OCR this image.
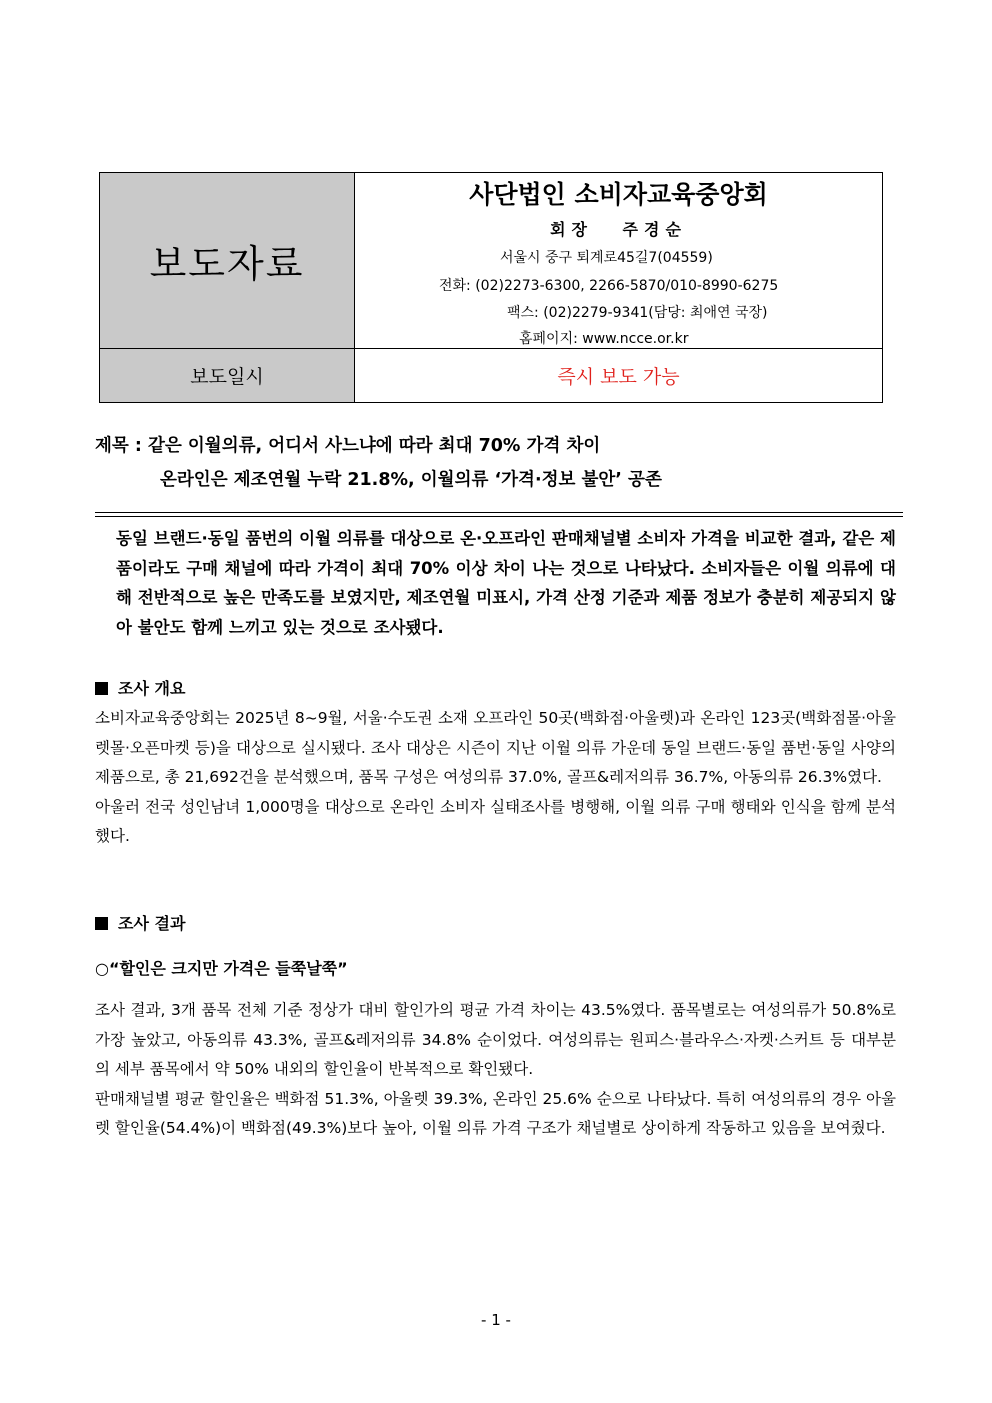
보도자료
사단법인 소비자교육중앙회
회장 주경순
서울시 중구 퇴계로45길7(04559)
전화: (02)2273-6300, 2266-5870/010-8990-6275
팩스: (02)2279-9341(담당: 최애연 국장)
홈페이지: www.ncce.or.kr
보도일시	즉시 보도 가능
제목 : 같은 이월의류, 어디서 사느냐에 따라 최대 70% 가격 차이
온라인은 제조연월 누락 21.8%, 이월의류 ‘가격·정보 불안’ 공존
동일 브랜드·동일 품번의 이월 의류를 대상으로 온·오프라인 판매채널별 소비자 가격을 비교한 결과, 같은 제품이라도 구매 채널에 따라 가격이 최대 70% 이상 차이 나는 것으로 나타났다. 소비자들은 이월 의류에 대해 전반적으로 높은 만족도를 보였지만, 제조연월 미표시, 가격 산정 기준과 제품 정보가 충분히 제공되지 않아 불안도 함께 느끼고 있는 것으로 조사됐다.
조사 개요

소비자교육중앙회는 2025년 8~9월, 서울·수도권 소재 오프라인 50곳(백화점·아울렛)과 온라인 123곳(백화점몰·아울렛몰·오픈마켓 등)을 대상으로 실시됐다. 조사 대상은 시즌이 지난 이월 의류 가운데 동일 브랜드·동일 품번·동일 사양의 제품으로, 총 21,692건을 분석했으며, 품목 구성은 여성의류 37.0%, 골프&레저의류 36.7%, 아동의류 26.3%였다.

아울러 전국 성인남녀 1,000명을 대상으로 온라인 소비자 실태조사를 병행해, 이월 의류 구매 행태와 인식을 함께 분석했다.

조사 결과
○“할인은 크지만 가격은 들쭉날쭉”

조사 결과, 3개 품목 전체 기준 정상가 대비 할인가의 평균 가격 차이는 43.5%였다. 품목별로는 여성의류가 50.8%로 가장 높았고, 아동의류 43.3%, 골프&레저의류 34.8% 순이었다. 여성의류는 원피스·블라우스·자켓·스커트 등 대부분의 세부 품목에서 약 50% 내외의 할인율이 반복적으로 확인됐다.

판매채널별 평균 할인율은 백화점 51.3%, 아울렛 39.3%, 온라인 25.6% 순으로 나타났다. 특히 여성의류의 경우 아울렛 할인율(54.4%)이 백화점(49.3%)보다 높아, 이월 의류 가격 구조가 채널별로 상이하게 작동하고 있음을 보여줬다.

- 1 -
